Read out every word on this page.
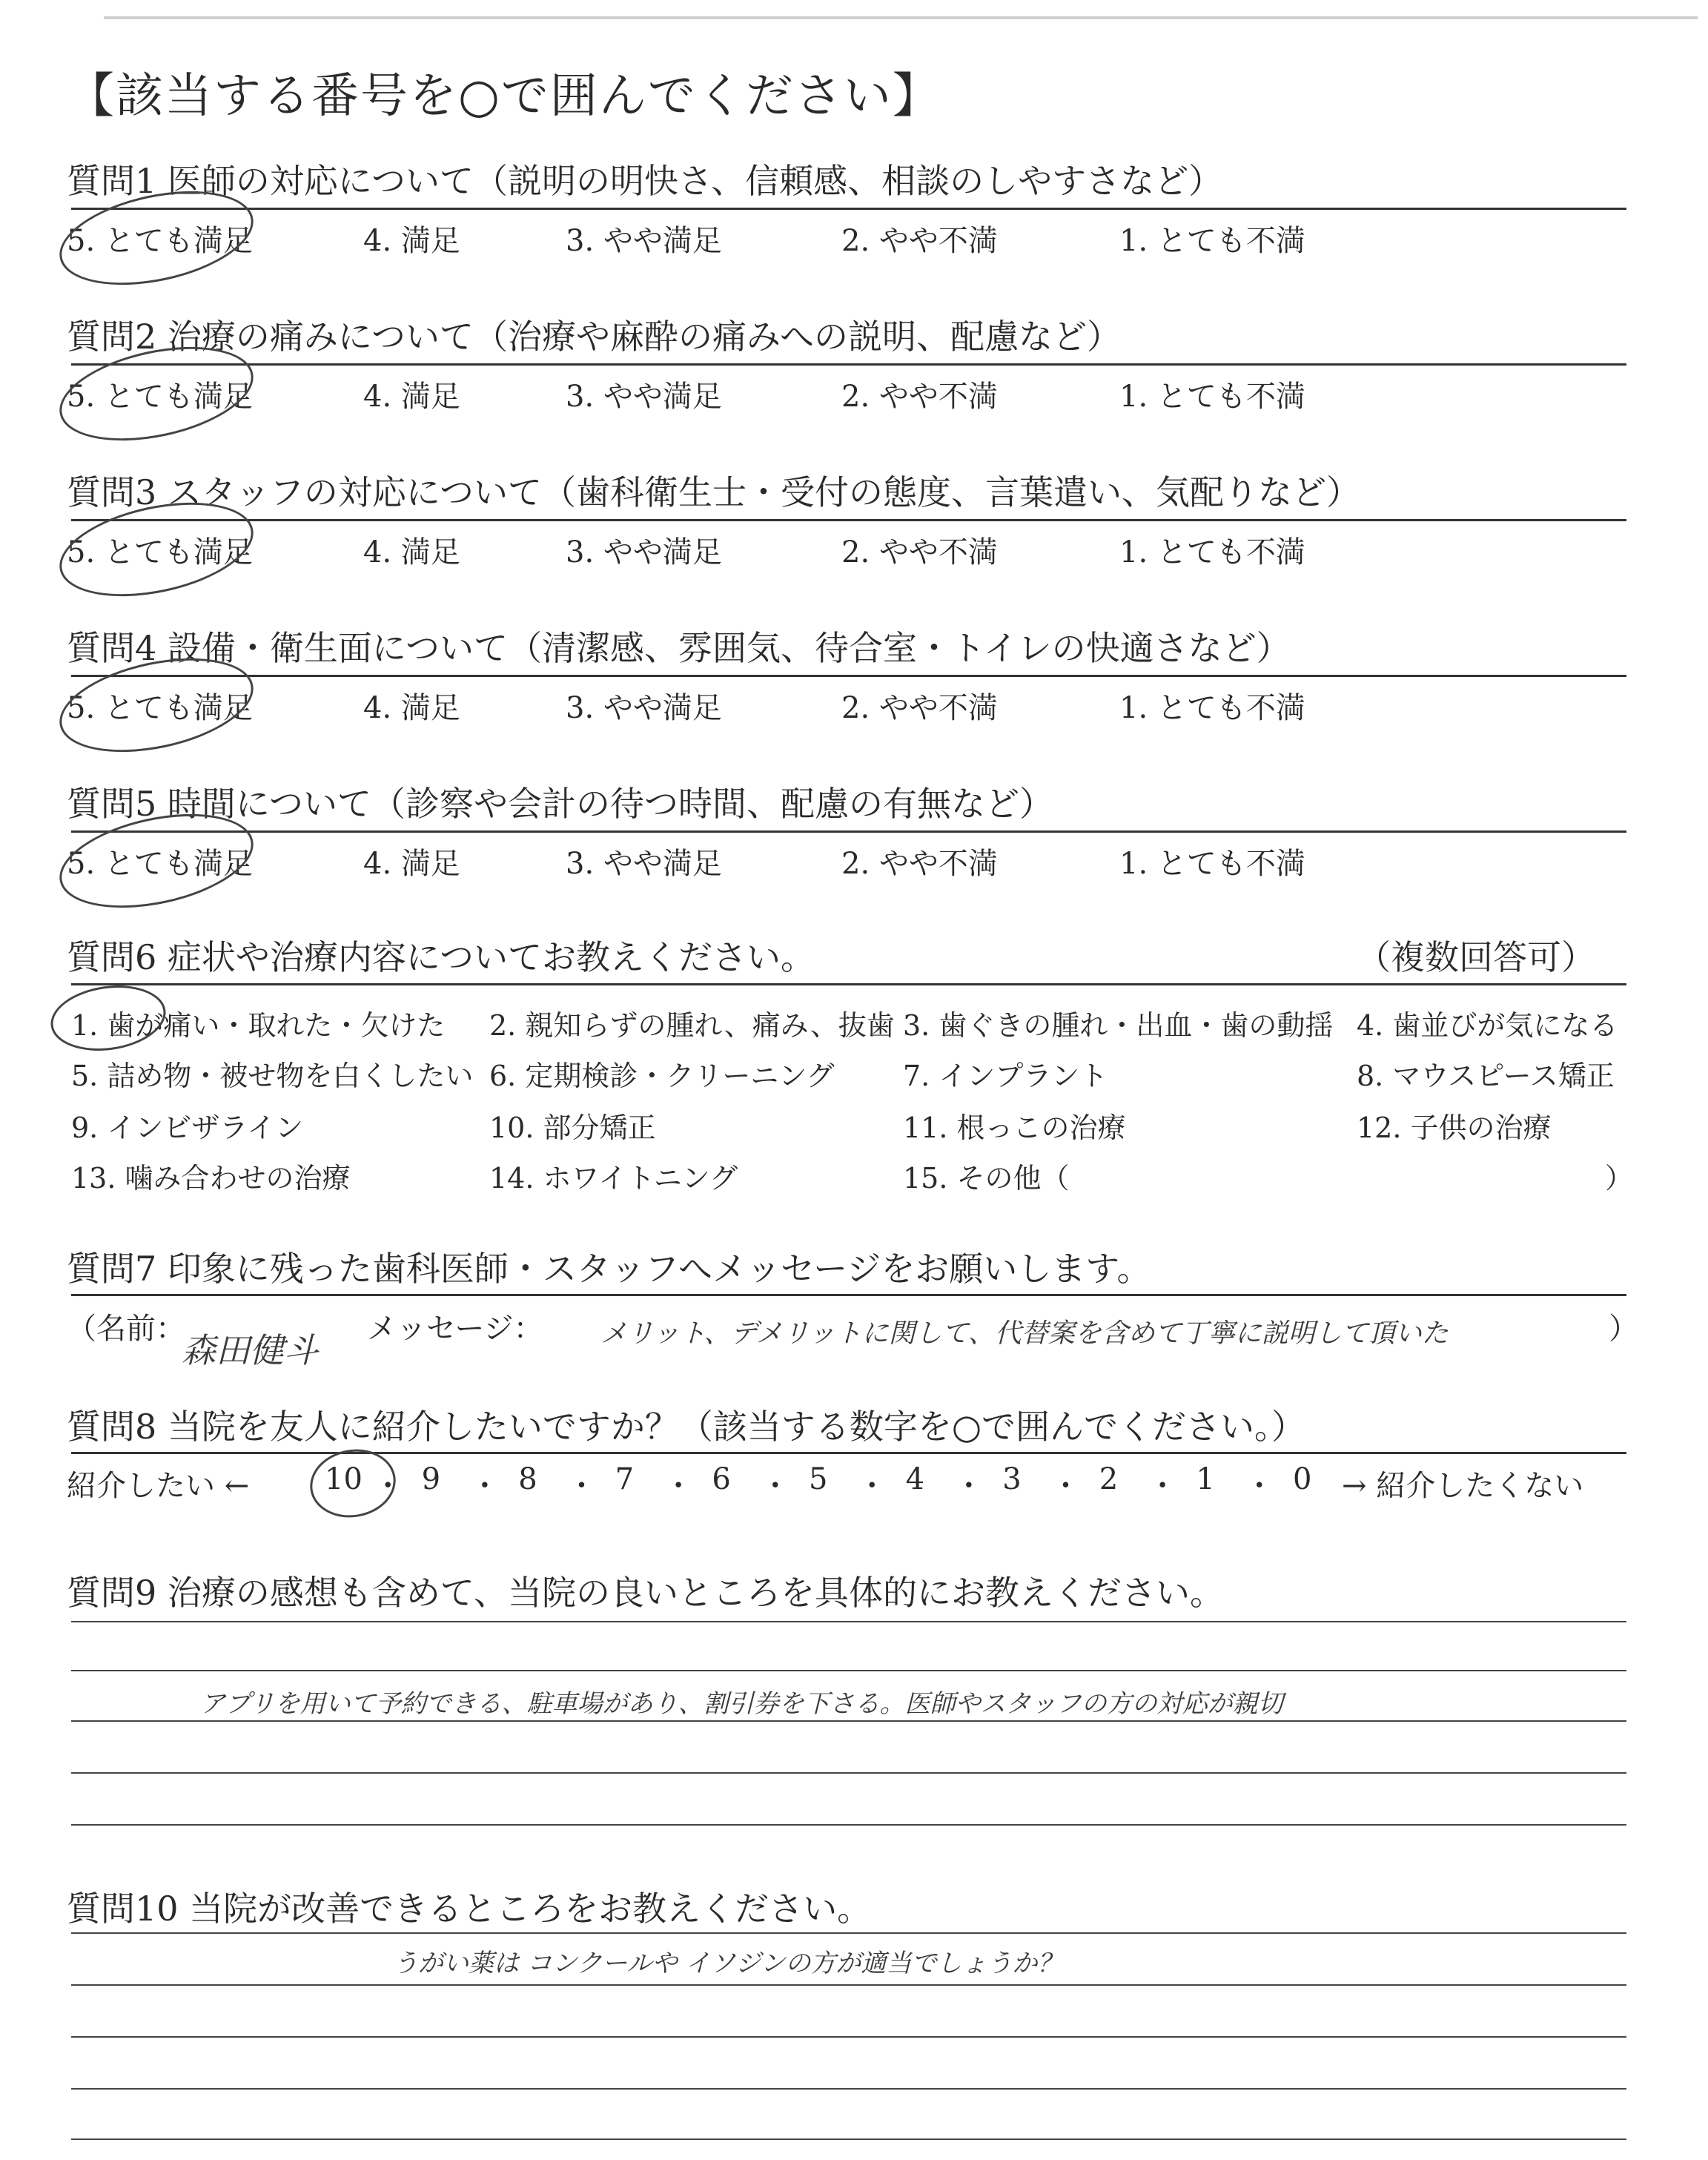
【該当する番号を○で囲んでください】
質問1 医師の対応について（説明の明快さ、信頼感、相談のしやすさなど）
5. とても満足	4. 満足	3. やや満足	2. やや不満	1. とても不満
質問2 治療の痛みについて（治療や麻酔の痛みへの説明、配慮など）
5. とても満足	4. 満足	3. やや満足	2. やや不満	1. とても不満
質問3 スタッフの対応について（歯科衛生士・受付の態度、言葉遣い、気配りなど）
5. とても満足	4. 満足	3. やや満足	2. やや不満	1. とても不満
質問4 設備・衛生面について（清潔感、雰囲気、待合室・トイレの快適さなど）
5. とても満足	4. 満足	3. やや満足	2. やや不満	1. とても不満
質問5 時間について（診察や会計の待つ時間、配慮の有無など）
5. とても満足	4. 満足	3. やや満足	2. やや不満	1. とても不満
質問6 症状や治療内容についてお教えください。	（複数回答可）
1. 歯が痛い・取れた・欠けた 2. 親知らずの腫れ、痛み、抜歯 3. 歯ぐきの腫れ・出血・歯の動揺 4. 歯並びが気になる
5. 詰め物・被せ物を白くしたい 6. 定期検診・クリーニング 7. インプラント	8. マウスピース矯正
9. インビザライン	10. 部分矯正	11. 根っこの治療	12. 子供の治療
13. 噛み合わせの治療	14. ホワイトニング	15. その他（	）
質問7 印象に残った歯科医師・スタッフへメッセージをお願いします。
（名前：
森田健斗
メッセージ： メリット、デメリットに関して、代替案を含めて丁寧に説明して頂いた	）
質問8 当院を友人に紹介したいですか？（該当する数字を○で囲んでください。）
紹介したい ←	10 ・ 9 ・ 8 ・ 7 ・ 6 ・ 5 ・ 4 ・ 3 ・ 2 ・ 1 ・ 0 → 紹介したくない
質問9 治療の感想も含めて、当院の良いところを具体的にお教えください。
アプリを用いて予約できる、駐車場があり、割引券を下さる。医師やスタッフの方の対応が親切
質問10 当院が改善できるところをお教えください。
うがい薬は コンクールや イソジンの方が適当でしょうか？
